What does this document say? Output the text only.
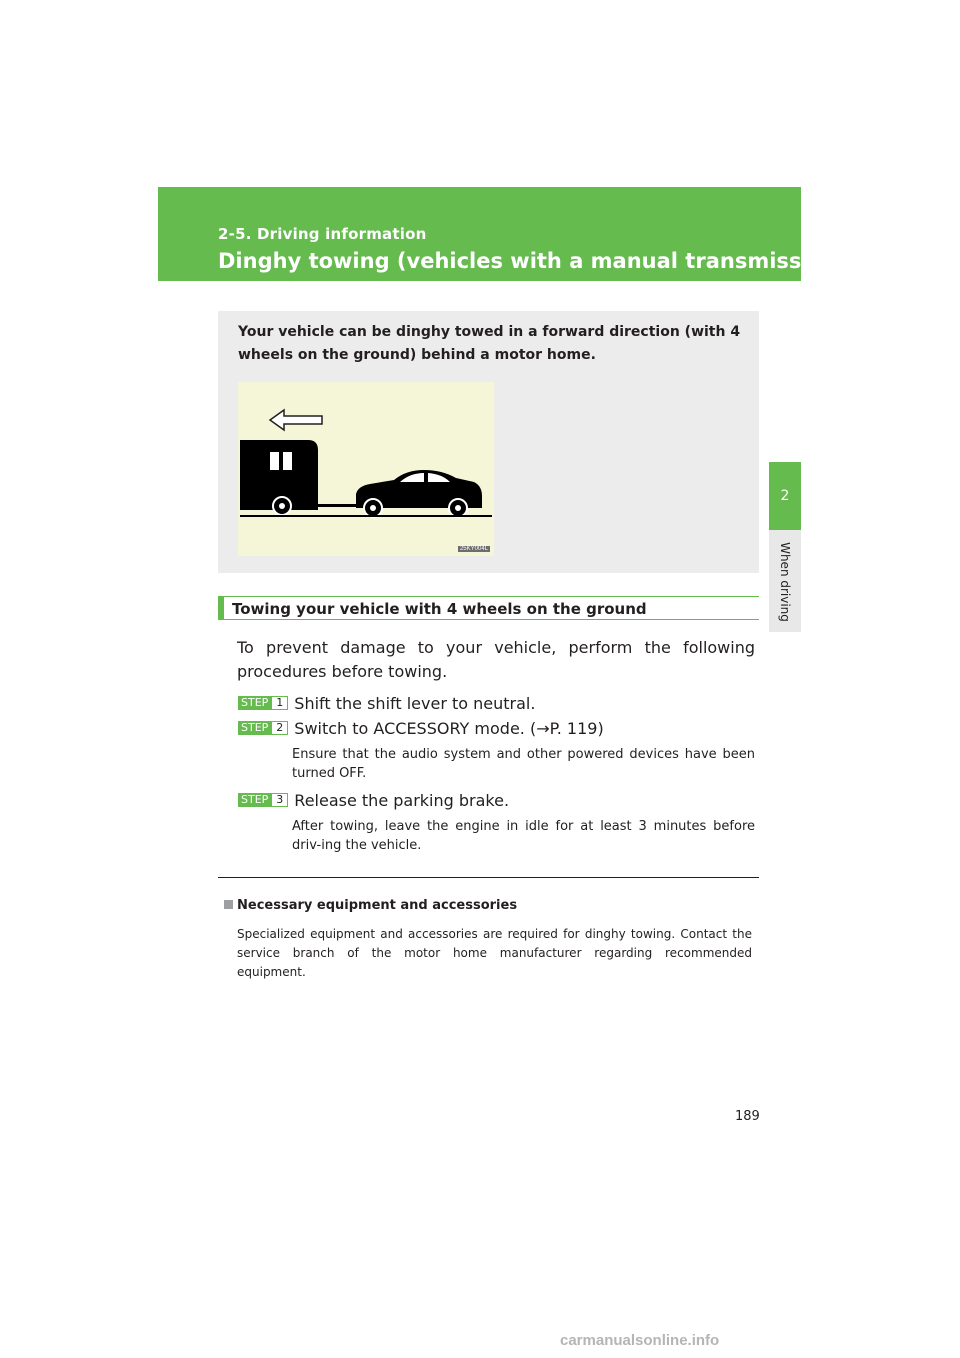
2-5. Driving information
Dinghy towing (vehicles with a manual transmission)
2
When driving
Your vehicle can be dinghy towed in a forward direction (with 4 wheels on the ground) behind a motor home.
25KY004L
Towing your vehicle with 4 wheels on the ground
To prevent damage to your vehicle, perform the following procedures before towing.
STEP 1 Shift the shift lever to neutral.
STEP 2 Switch to ACCESSORY mode. (→P. 119)
Ensure that the audio system and other powered devices have been turned OFF.
STEP 3 Release the parking brake.
After towing, leave the engine in idle for at least 3 minutes before driv-ing the vehicle.
Necessary equipment and accessories
Specialized equipment and accessories are required for dinghy towing. Contact the service branch of the motor home manufacturer regarding recommended equipment.
189
carmanualsonline.info
